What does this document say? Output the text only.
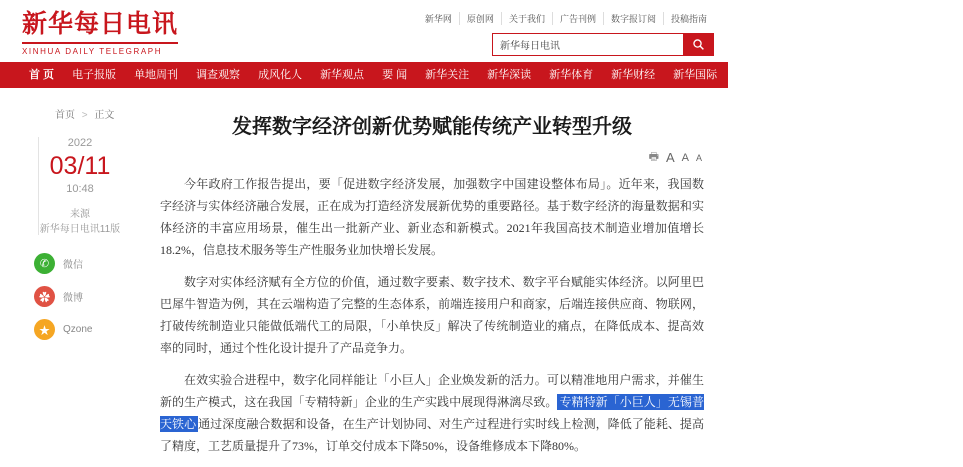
新华每日电讯
XINHUA DAILY TELEGRAPH
新华网	原创网	关于我们	广告刊例	数字报订阅	投稿指南
新华每日电讯
首 页	电子报版	单地周刊	调查观察	成风化人	新华观点	要 闻	新华关注	新华深读	新华体育	新华财经	新华国际	新华融媒	精彩专题	医卫健康	看天下
首页 > 正文
2022
03/11
10:48
来源
新华每日电讯11版
✆	微信
✿	微博
★	Qzone
发挥数字经济创新优势赋能传统产业转型升级
🖶 A A A

今年政府工作报告提出，要「促进数字经济发展，加强数字中国建设整体布局」。近年来，我国数字经济与实体经济融合发展，正在成为打造经济发展新优势的重要路径。基于数字经济的海量数据和实体经济的丰富应用场景，催生出一批新产业、新业态和新模式。2021年我国高技术制造业增加值增长18.2%，信息技术服务等生产性服务业加快增长发展。

数字对实体经济赋有全方位的价值，通过数字要素、数字技术、数字平台赋能实体经济。以阿里巴巴犀牛智造为例，其在云端构造了完整的生态体系，前端连接用户和商家，后端连接供应商、物联网，打破传统制造业只能做低端代工的局限，「小单快反」解决了传统制造业的痛点，在降低成本、提高效率的同时，通过个性化设计提升了产品竞争力。

在效实验合进程中，数字化同样能让「小巨人」企业焕发新的活力。可以精准地用户需求，并催生新的生产模式，这在我国「专精特新」企业的生产实践中展现得淋漓尽致。 专精特新「小巨人」无锡普天铁心 通过深度融合数据和设备，在生产计划协同、对生产过程进行实时线上检测，降低了能耗、提高了精度，工艺质量提升了73%，订单交付成本下降50%，设备维修成本下降80%。
